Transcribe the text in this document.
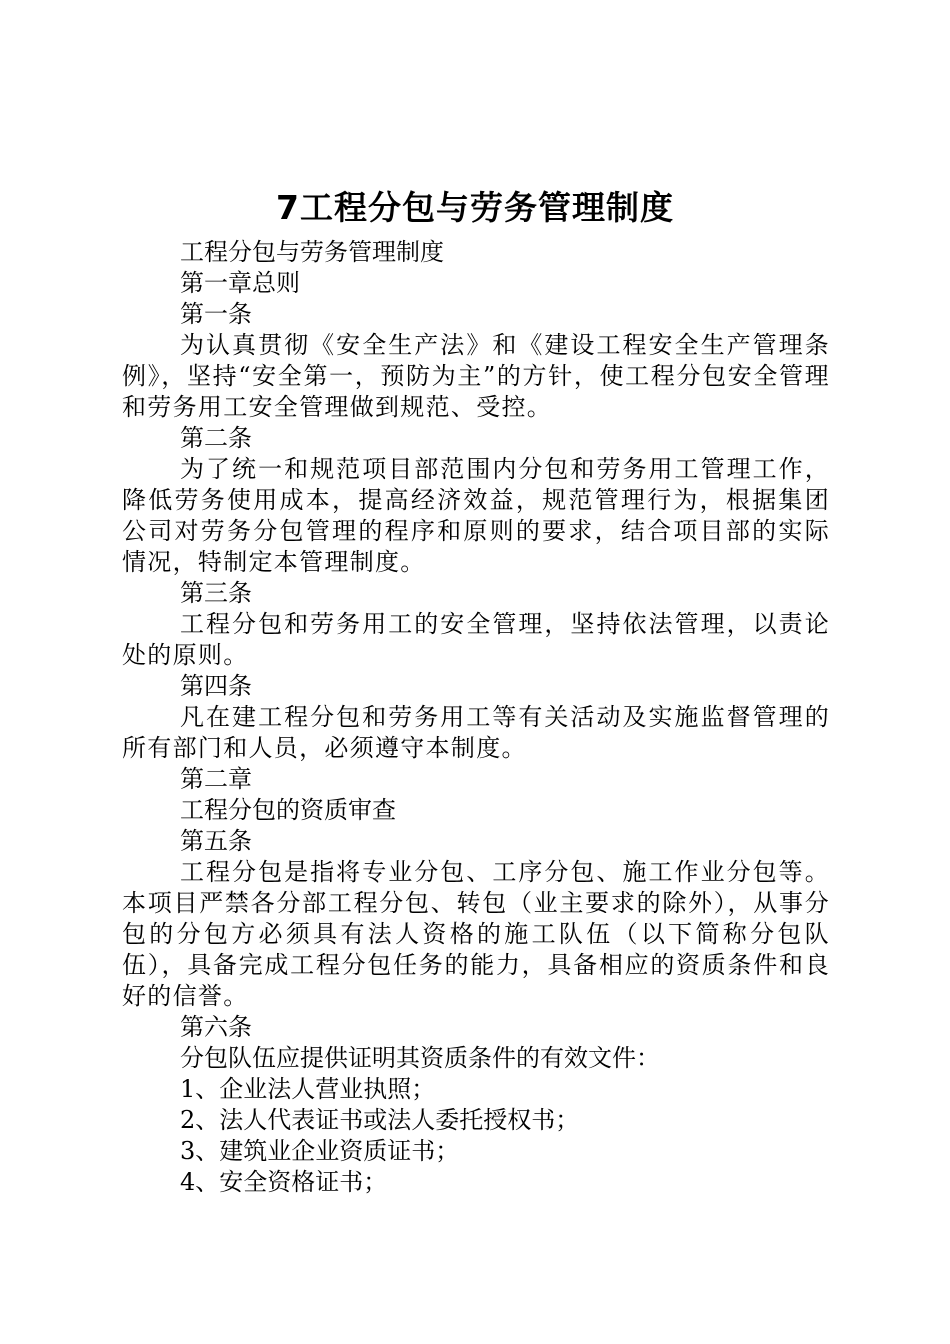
7工程分包与劳务管理制度

工程分包与劳务管理制度

第一章总则

第一条

为认真贯彻《安全生产法》和《建设工程安全生产管理条例》，坚持“安全第一，预防为主”的方针，使工程分包安全管理和劳务用工安全管理做到规范、受控。

第二条

为了统一和规范项目部范围内分包和劳务用工管理工作，降低劳务使用成本，提高经济效益，规范管理行为，根据集团公司对劳务分包管理的程序和原则的要求，结合项目部的实际情况，特制定本管理制度。

第三条

工程分包和劳务用工的安全管理，坚持依法管理，以责论处的原则。

第四条

凡在建工程分包和劳务用工等有关活动及实施监督管理的所有部门和人员，必须遵守本制度。

第二章

工程分包的资质审查

第五条

工程分包是指将专业分包、工序分包、施工作业分包等。本项目严禁各分部工程分包、转包（业主要求的除外），从事分包的分包方必须具有法人资格的施工队伍（以下简称分包队伍），具备完成工程分包任务的能力，具备相应的资质条件和良好的信誉。

第六条

分包队伍应提供证明其资质条件的有效文件：

1、企业法人营业执照；

2、法人代表证书或法人委托授权书；

3、建筑业企业资质证书；

4、安全资格证书；
